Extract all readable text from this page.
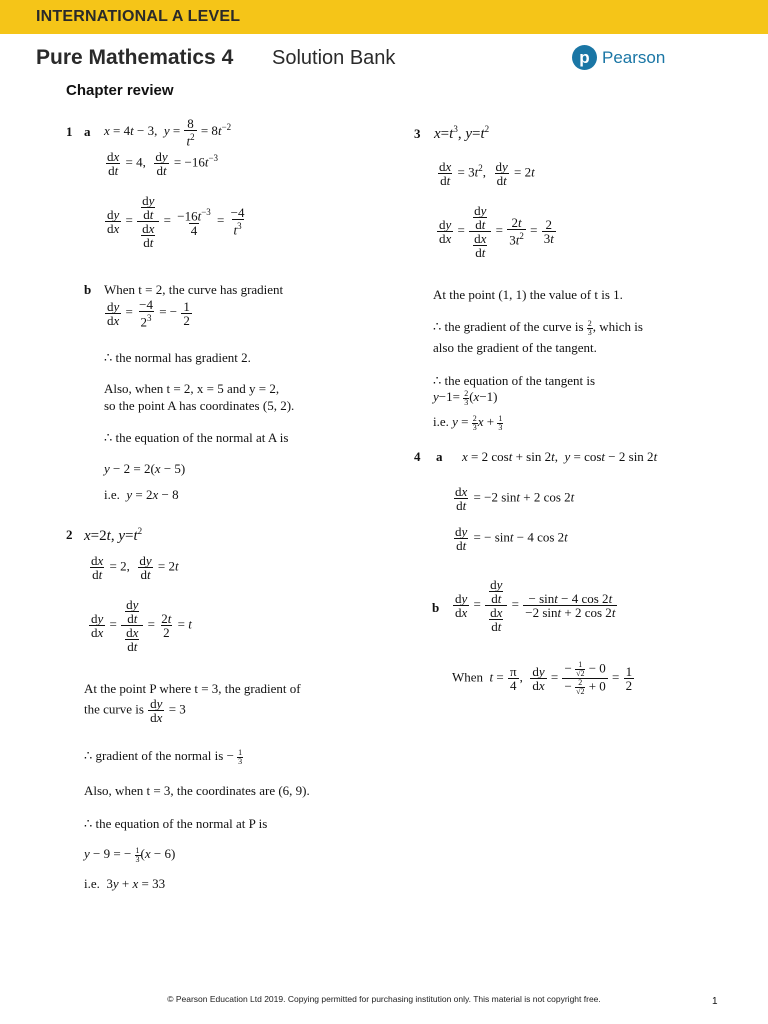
INTERNATIONAL A LEVEL
Pure Mathematics 4 Solution Bank	p Pearson
Chapter review
1 a x = 4t − 3,  $y = \frac{8}{t^2} = 8t^{-2}$
$\frac{dx}{dt} = 4$, $\frac{dy}{dt} = -16t^{-3}$
$\frac{dy}{dx} = \frac{\frac{dy}{dt}}{\frac{dx}{dt}} = \frac{-16t^{-3}}{4} = \frac{-4}{t^3}$
b When t = 2, the curve has gradient
$\frac{dy}{dx} = \frac{-4}{2^3}$ = − $\frac{1}{2}$
∴ the normal has gradient 2.
Also, when t = 2, x = 5 and y = 2,
so the point A has coordinates (5, 2).
∴ the equation of the normal at A is
y − 2 = 2(x − 5)
i.e. y = 2x − 8
2 x=2t, $y=t^2$
$\frac{dx}{dt} = 2$, $\frac{dy}{dt} = 2t$
$\frac{dy}{dx} = \frac{\frac{dy}{dt}}{\frac{dx}{dt}} = \frac{2t}{2} = t$
At the point P where t = 3, the gradient of
the curve is $\frac{dy}{dx} = 3$
∴ gradient of the normal is − $\frac{1}{3}$
Also, when t = 3, the coordinates are (6, 9).
∴ the equation of the normal at P is
y − 9 = − $\frac{1}{3} (x - 6)$
i.e.  3y + x = 33
3 $x=t^3$, $y=t^2$
$\frac{dx}{dt} = 3t^2$, $\frac{dy}{dt} = 2t$
$\frac{dy}{dx} = \frac{\frac{dy}{dt}}{\frac{dx}{dt}} = \frac{2t}{3t^2} = \frac{2}{3t}$
At the point (1, 1) the value of t is 1.
∴ the gradient of the curve is $\frac{2}{3}$ , which is
also the gradient of the tangent.
∴ the equation of the tangent is
$y-1= \frac{2}{3} (x-1)$
i.e. $y = \frac{2}{3}$ $x + \frac{1}{3}$
4 a x = 2 cost + sin 2t,  y = cost − 2 sin 2t
$\frac{dx}{dt} = -2$ sint + 2 cos 2t
$\frac{dy}{dt}$ = − sint − 4 cos 2t
b $\frac{dy}{dx} = \frac{\frac{dy}{dt}}{\frac{dx}{dt}} = \frac{- \sin t - 4 \cos 2t}{-2 \sin t + 2 \cos 2t}$
When $t = \frac{\pi}{4}$ , $\frac{dy}{dx} = \frac{- \frac{1}{√2} - 0}{- \frac{2}{√2} + 0} = \frac{1}{2}$
© Pearson Education Ltd 2019. Copying permitted for purchasing institution only. This material is not copyright free.	1
